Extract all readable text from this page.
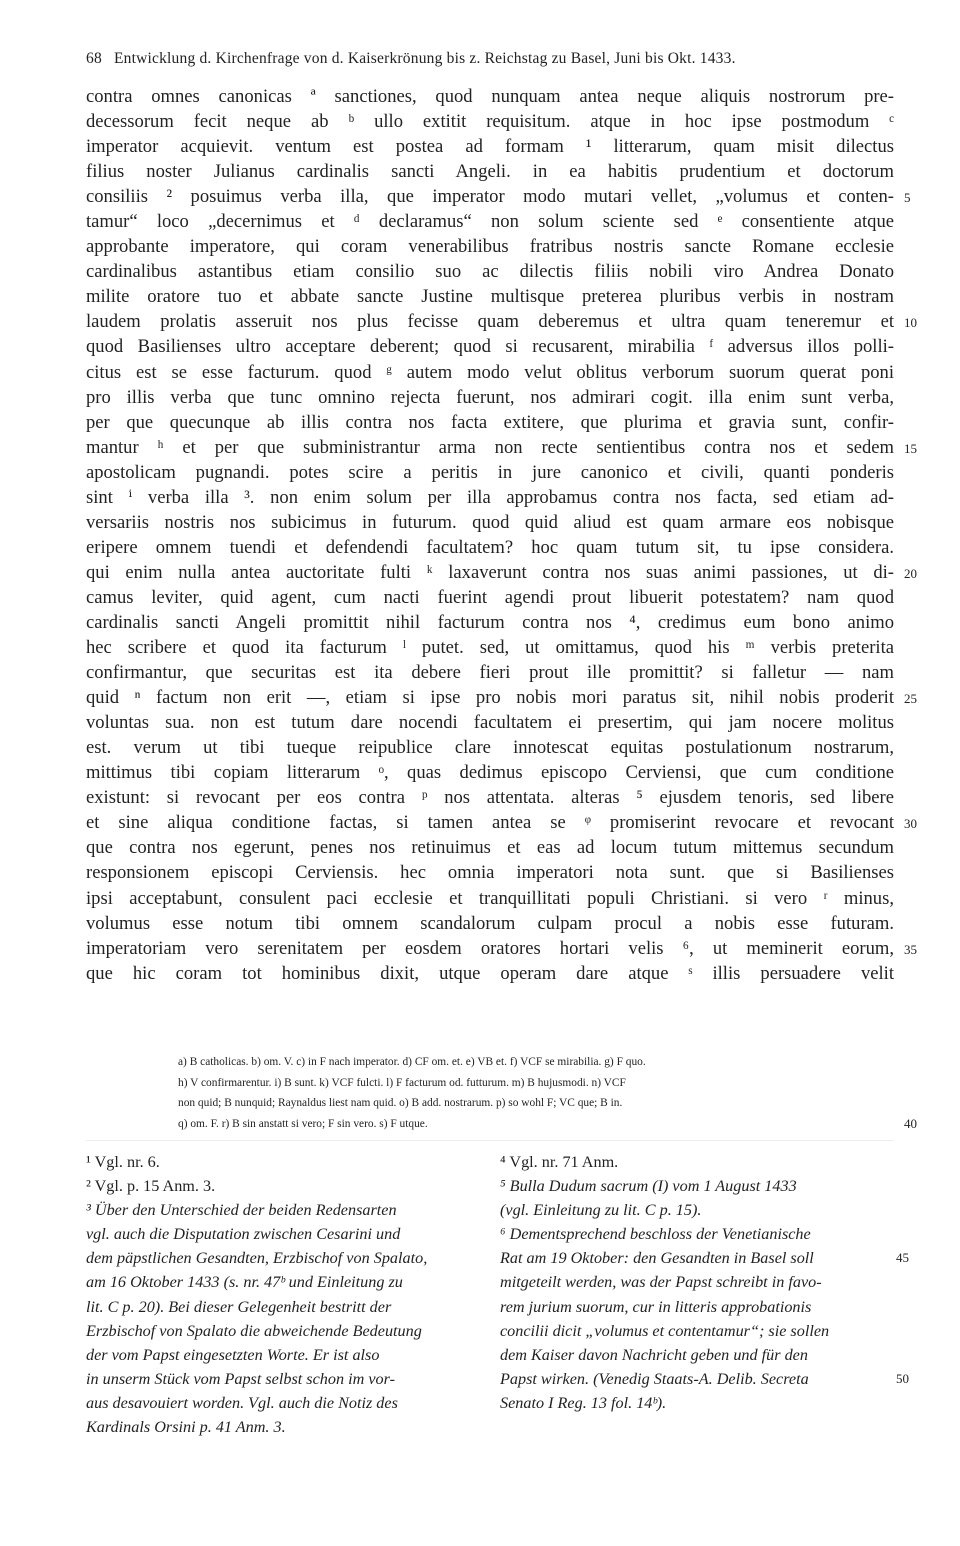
68 Entwicklung d. Kirchenfrage von d. Kaiserkrönung bis z. Reichstag zu Basel, Juni bis Okt. 1433.
contra omnes canonicas ª sanctiones, quod nunquam antea neque aliquis nostrorum pre-
decessorum fecit neque ab ᵇ ullo extitit requisitum. atque in hoc ipse postmodum ᶜ
imperator acquievit. ventum est postea ad formam ¹ litterarum, quam misit dilectus
filius noster Julianus cardinalis sancti Angeli. in ea habitis prudentium et doctorum
consiliis ² posuimus verba illa, que imperator modo mutari vellet, „volumus et conten- 5
tamur“ loco „decernimus et ᵈ declaramus“ non solum sciente sed ᵉ consentiente atque
approbante imperatore, qui coram venerabilibus fratribus nostris sancte Romane ecclesie
cardinalibus astantibus etiam consilio suo ac dilectis filiis nobili viro Andrea Donato
milite oratore tuo et abbate sancte Justine multisque preterea pluribus verbis in nostram
laudem prolatis asseruit nos plus fecisse quam deberemus et ultra quam teneremur et 10
quod Basilienses ultro acceptare deberent; quod si recusarent, mirabilia ᶠ adversus illos polli-
citus est se esse facturum. quod ᵍ autem modo velut oblitus verborum suorum querat poni
pro illis verba que tunc omnino rejecta fuerunt, nos admirari cogit. illa enim sunt verba,
per que quecunque ab illis contra nos facta extitere, que plurima et gravia sunt, confir-
mantur ʰ et per que subministrantur arma non recte sentientibus contra nos et sedem 15
apostolicam pugnandi. potes scire a peritis in jure canonico et civili, quanti ponderis
sint ⁱ verba illa ³. non enim solum per illa approbamus contra nos facta, sed etiam ad-
versariis nostris nos subicimus in futurum. quod quid aliud est quam armare eos nobisque
eripere omnem tuendi et defendendi facultatem? hoc quam tutum sit, tu ipse considera.
qui enim nulla antea auctoritate fulti ᵏ laxaverunt contra nos suas animi passiones, ut di- 20
camus leviter, quid agent, cum nacti fuerint agendi prout libuerit potestatem? nam quod
cardinalis sancti Angeli promittit nihil facturum contra nos ⁴, credimus eum bono animo
hec scribere et quod ita facturum ˡ putet. sed, ut omittamus, quod his ᵐ verbis preterita
confirmantur, que securitas est ita debere fieri prout ille promittit? si falletur — nam
quid ⁿ factum non erit —, etiam si ipse pro nobis mori paratus sit, nihil nobis proderit 25
voluntas sua. non est tutum dare nocendi facultatem ei presertim, qui jam nocere molitus
est. verum ut tibi tueque reipublice clare innotescat equitas postulationum nostrarum,
mittimus tibi copiam litterarum ᵒ, quas dedimus episcopo Cerviensi, que cum conditione
existunt: si revocant per eos contra ᵖ nos attentata. alteras ⁵ ejusdem tenoris, sed libere
et sine aliqua conditione factas, si tamen antea se ᵠ promiserint revocare et revocant 30
que contra nos egerunt, penes nos retinuimus et eas ad locum tutum mittemus secundum
responsionem episcopi Cerviensis. hec omnia imperatori nota sunt. que si Basilienses
ipsi acceptabunt, consulent paci ecclesie et tranquillitati populi Christiani. si vero ʳ minus,
volumus esse notum tibi omnem scandalorum culpam procul a nobis esse futuram.
imperatoriam vero serenitatem per eosdem oratores hortari velis ⁶, ut meminerit eorum, 35
que hic coram tot hominibus dixit, utque operam dare atque ˢ illis persuadere velit
a) B catholicas. b) om. V. c) in F nach imperator. d) CF om. et. e) VB et. f) VCF se mirabilia. g) F quo.
h) V confirmarentur. i) B sunt. k) VCF fulcti. l) F facturum od. futturum. m) B hujusmodi. n) VCF
non quid; B nunquid; Raynaldus liest nam quid. o) B add. nostrarum. p) so wohl F; VC que; B in.
q) om. F. r) B sin anstatt si vero; F sin vero. s) F utque.	40
¹ Vgl. nr. 6.
² Vgl. p. 15 Anm. 3.
³ Über den Unterschied der beiden Redensarten
vgl. auch die Disputation zwischen Cesarini und
dem päpstlichen Gesandten, Erzbischof von Spalato,
am 16 Oktober 1433 (s. nr. 47ᵇ und Einleitung zu
lit. C p. 20). Bei dieser Gelegenheit bestritt der
Erzbischof von Spalato die abweichende Bedeutung
der vom Papst eingesetzten Worte. Er ist also
in unserm Stück vom Papst selbst schon im vor-
aus desavouiert worden. Vgl. auch die Notiz des
Kardinals Orsini p. 41 Anm. 3.
⁴ Vgl. nr. 71 Anm.
⁵ Bulla Dudum sacrum (I) vom 1 August 1433
(vgl. Einleitung zu lit. C p. 15).
⁶ Dementsprechend beschloss der Venetianische
Rat am 19 Oktober: den Gesandten in Basel soll	45
mitgeteilt werden, was der Papst schreibt in favo-
rem jurium suorum, cur in litteris approbationis
concilii dicit „volumus et contentamur“; sie sollen
dem Kaiser davon Nachricht geben und für den
Papst wirken. (Venedig Staats-A. Delib. Secreta	50
Senato I Reg. 13 fol. 14ᵇ).
